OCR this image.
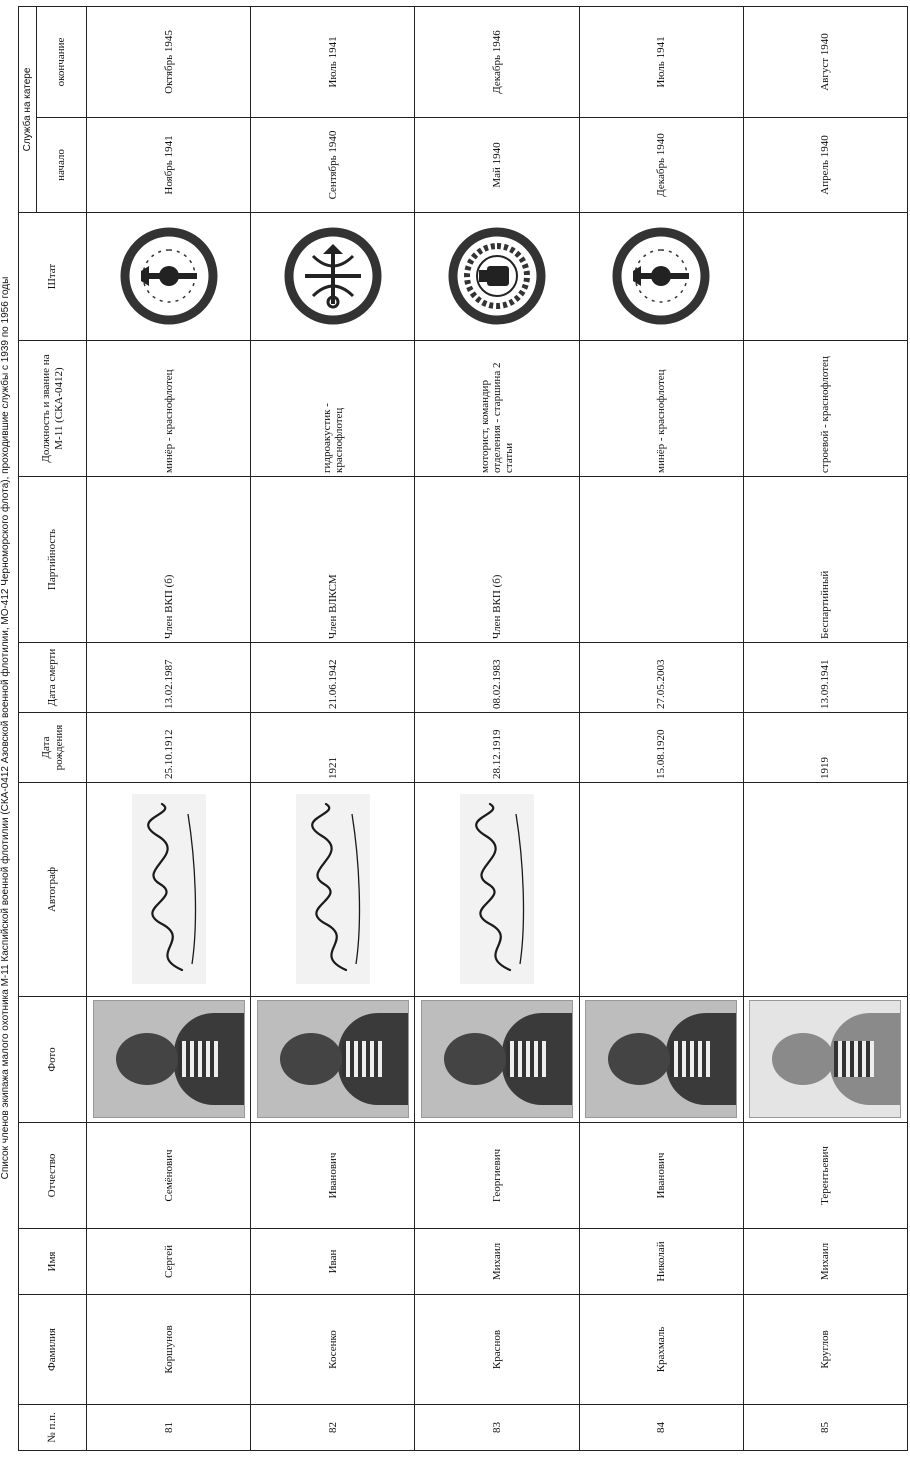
Список членов экипажа малого охотника М-11 Каспийской военной флотилии (СКА-0412 Азовской военной флотилии, МО-412 Черноморского флота), проходившие службы с 1939 по 1956 годы
№ п.п.	Фамилия	Имя	Отчество	Фото	Автограф	Дата рождения	Дата смерти	Партийность	Должность и звание на М-11 (СКА-0412)	Штат	Служба на катере	
											начало	окончание
81	Коршунов	Сергей	Семёнович			25.10.1912	13.02.1987	Член ВКП (б)	минёр - краснофлотец		Ноябрь 1941	Октябрь 1945
82	Косенко	Иван	Иванович			1921	21.06.1942	Член ВЛКСМ	гидроакустик - краснофлотец		Сентябрь 1940	Июль 1941
83	Краснов	Михаил	Георгиевич			28.12.1919	08.02.1983	Член ВКП (б)	моторист, командир отделения - старшина 2 статьи		Май 1940	Декабрь 1946
84	Крахмаль	Николай	Иванович			15.08.1920	27.05.2003		минёр - краснофлотец		Декабрь 1940	Июль 1941
85	Круглов	Михаил	Терентьевич			1919	13.09.1941	Беспартийный	строевой - краснофлотец		Апрель 1940	Август 1940
